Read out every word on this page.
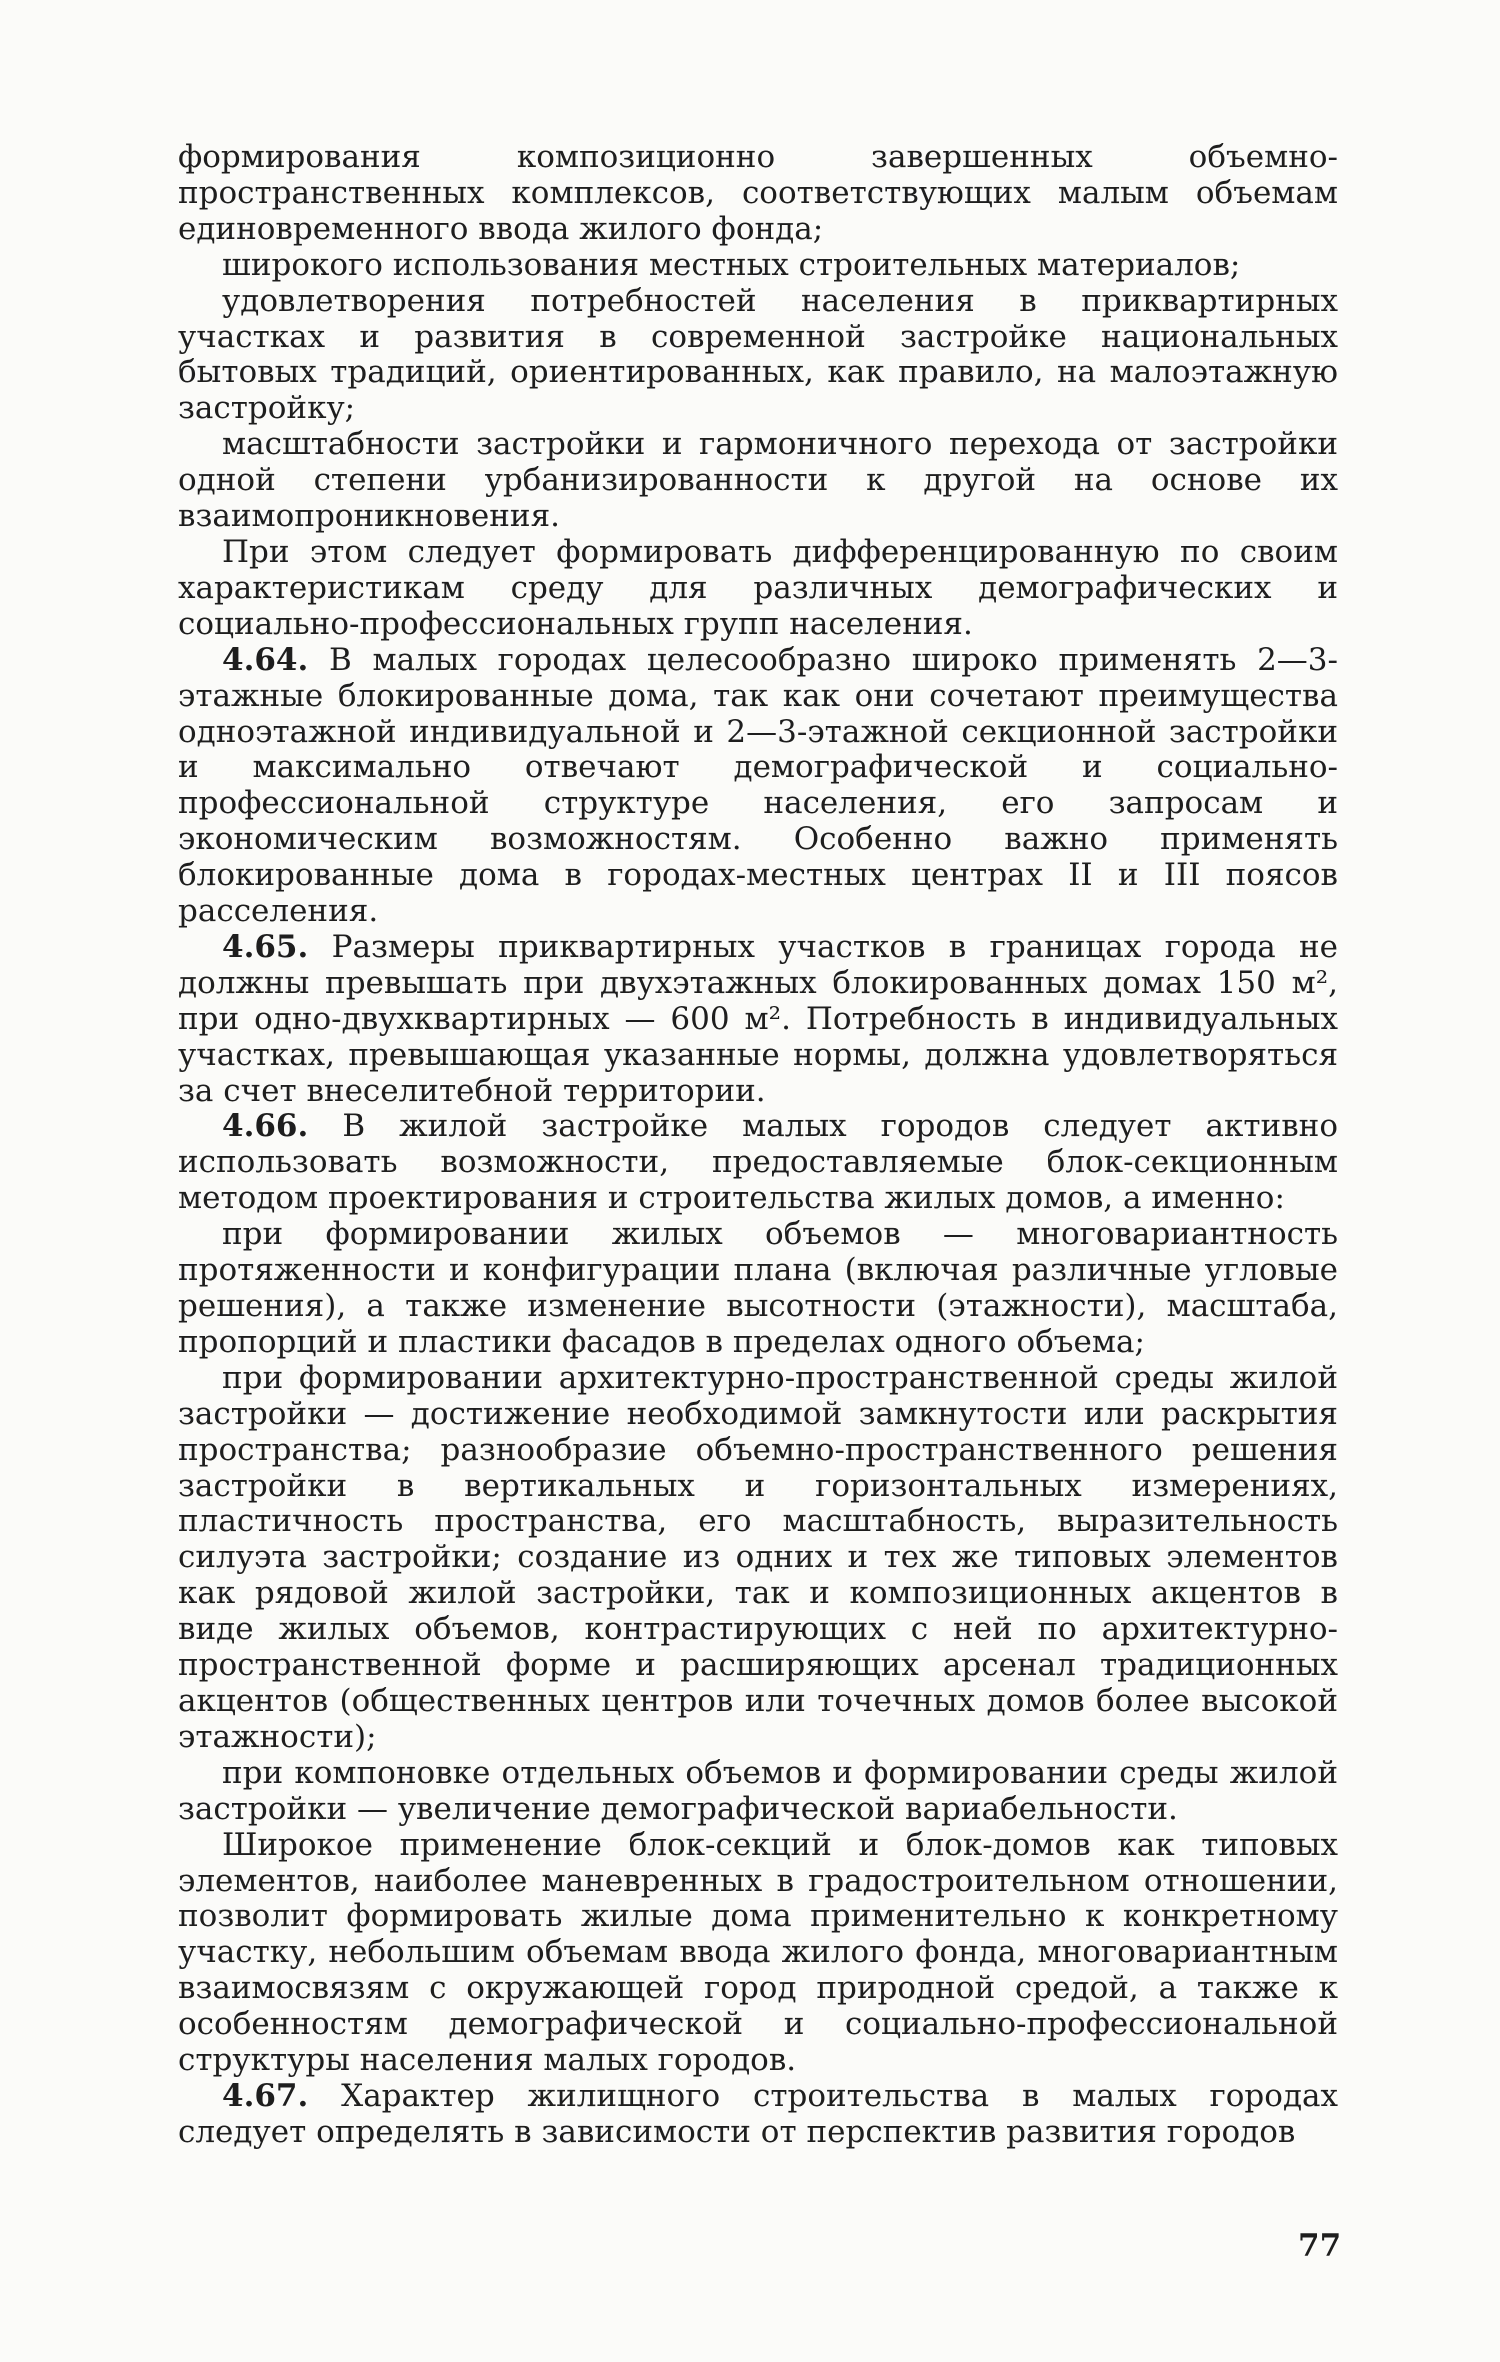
формирования композиционно завершенных объемно-пространственных комплексов, соответствующих малым объемам единовременного ввода жилого фонда;

широкого использования местных строительных материалов;

удовлетворения потребностей населения в приквартирных участках и развития в современной застройке национальных бытовых традиций, ориентированных, как правило, на малоэтажную застройку;

масштабности застройки и гармоничного перехода от застройки одной степени урбанизированности к другой на основе их взаимопроникновения.

При этом следует формировать дифференцированную по своим характеристикам среду для различных демографических и социально-профессиональных групп населения.

4.64. В малых городах целесообразно широко применять 2—3-этажные блокированные дома, так как они сочетают преимущества одноэтажной индивидуальной и 2—3-этажной секционной застройки и максимально отвечают демографической и социально-профессиональной структуре населения, его запросам и экономическим возможностям. Особенно важно применять блокированные дома в городах-местных центрах II и III поясов расселения.

4.65. Размеры приквартирных участков в границах города не должны превышать при двухэтажных блокированных домах 150 м², при одно-двухквартирных — 600 м². Потребность в индивидуальных участках, превышающая указанные нормы, должна удовлетворяться за счет внеселитебной территории.

4.66. В жилой застройке малых городов следует активно использовать возможности, предоставляемые блок-секционным методом проектирования и строительства жилых домов, а именно:

при формировании жилых объемов — многовариантность протяженности и конфигурации плана (включая различные угловые решения), а также изменение высотности (этажности), масштаба, пропорций и пластики фасадов в пределах одного объема;

при формировании архитектурно-пространственной среды жилой застройки — достижение необходимой замкнутости или раскрытия пространства; разнообразие объемно-пространственного решения застройки в вертикальных и горизонтальных измерениях, пластичность пространства, его масштабность, выразительность силуэта застройки; создание из одних и тех же типовых элементов как рядовой жилой застройки, так и композиционных акцентов в виде жилых объемов, контрастирующих с ней по архитектурно-пространственной форме и расширяющих арсенал традиционных акцентов (общественных центров или точечных домов более высокой этажности);

при компоновке отдельных объемов и формировании среды жилой застройки — увеличение демографической вариабельности.

Широкое применение блок-секций и блок-домов как типовых элементов, наиболее маневренных в градостроительном отношении, позволит формировать жилые дома применительно к конкретному участку, небольшим объемам ввода жилого фонда, многовариантным взаимосвязям с окружающей город природной средой, а также к особенностям демографической и социально-профессиональной структуры населения малых городов.

4.67. Характер жилищного строительства в малых городах следует определять в зависимости от перспектив развития городов

77
